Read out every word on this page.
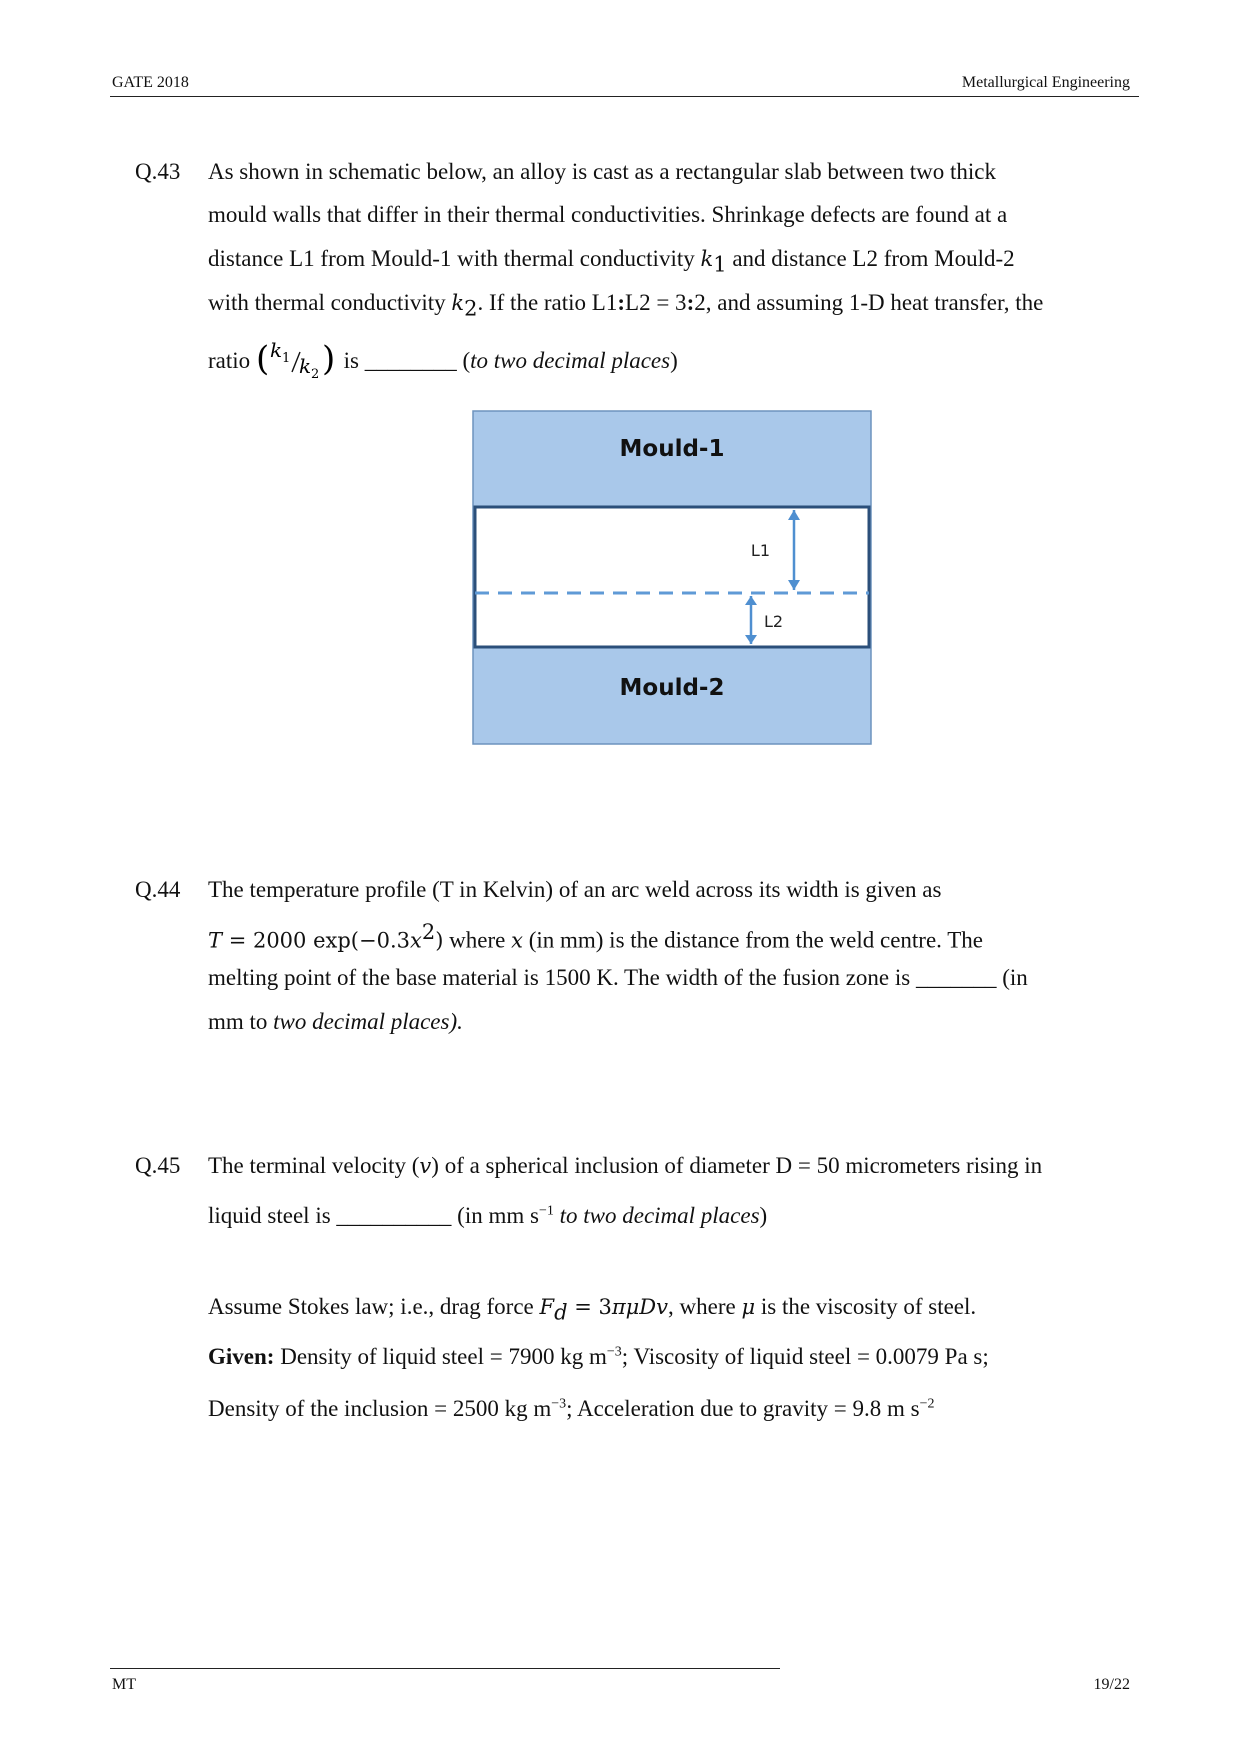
GATE 2018	Metallurgical Engineering
Q.43 As shown in schematic below, an alloy is cast as a rectangular slab between two thick
mould walls that differ in their thermal conductivities. Shrinkage defects are found at a
distance L1 from Mould-1 with thermal conductivity $k_1$ and distance L2 from Mould-2
with thermal conductivity $k_2$. If the ratio L1:L2 = 3:2, and assuming 1-D heat transfer, the
ratio ( k 1 k 2 ) is ________ (to two decimal places)
Mould-1
Mould-2
L1
L2
Q.44 The temperature profile (T in Kelvin) of an arc weld across its width is given as
T = 2000 $\exp(-0.3x^2)$ where x (in mm) is the distance from the weld centre. The
melting point of the base material is 1500 K. The width of the fusion zone is _______ (in
mm to two decimal places).
Q.45 The terminal velocity (v) of a spherical inclusion of diameter D = 50 micrometers rising in
liquid steel is __________ (in mm $s^{-1}$ to two decimal places)
Assume Stokes law; i.e., drag force $F_d = 3\pi\mu Dv$, where μ is the viscosity of steel.
Given: Density of liquid steel = 7900 kg $m^{-3}$; Viscosity of liquid steel = 0.0079 Pa s;
Density of the inclusion = 2500 kg $m^{-3}$; Acceleration due to gravity = 9.8 m $s^{-2}$
MT	19/22
